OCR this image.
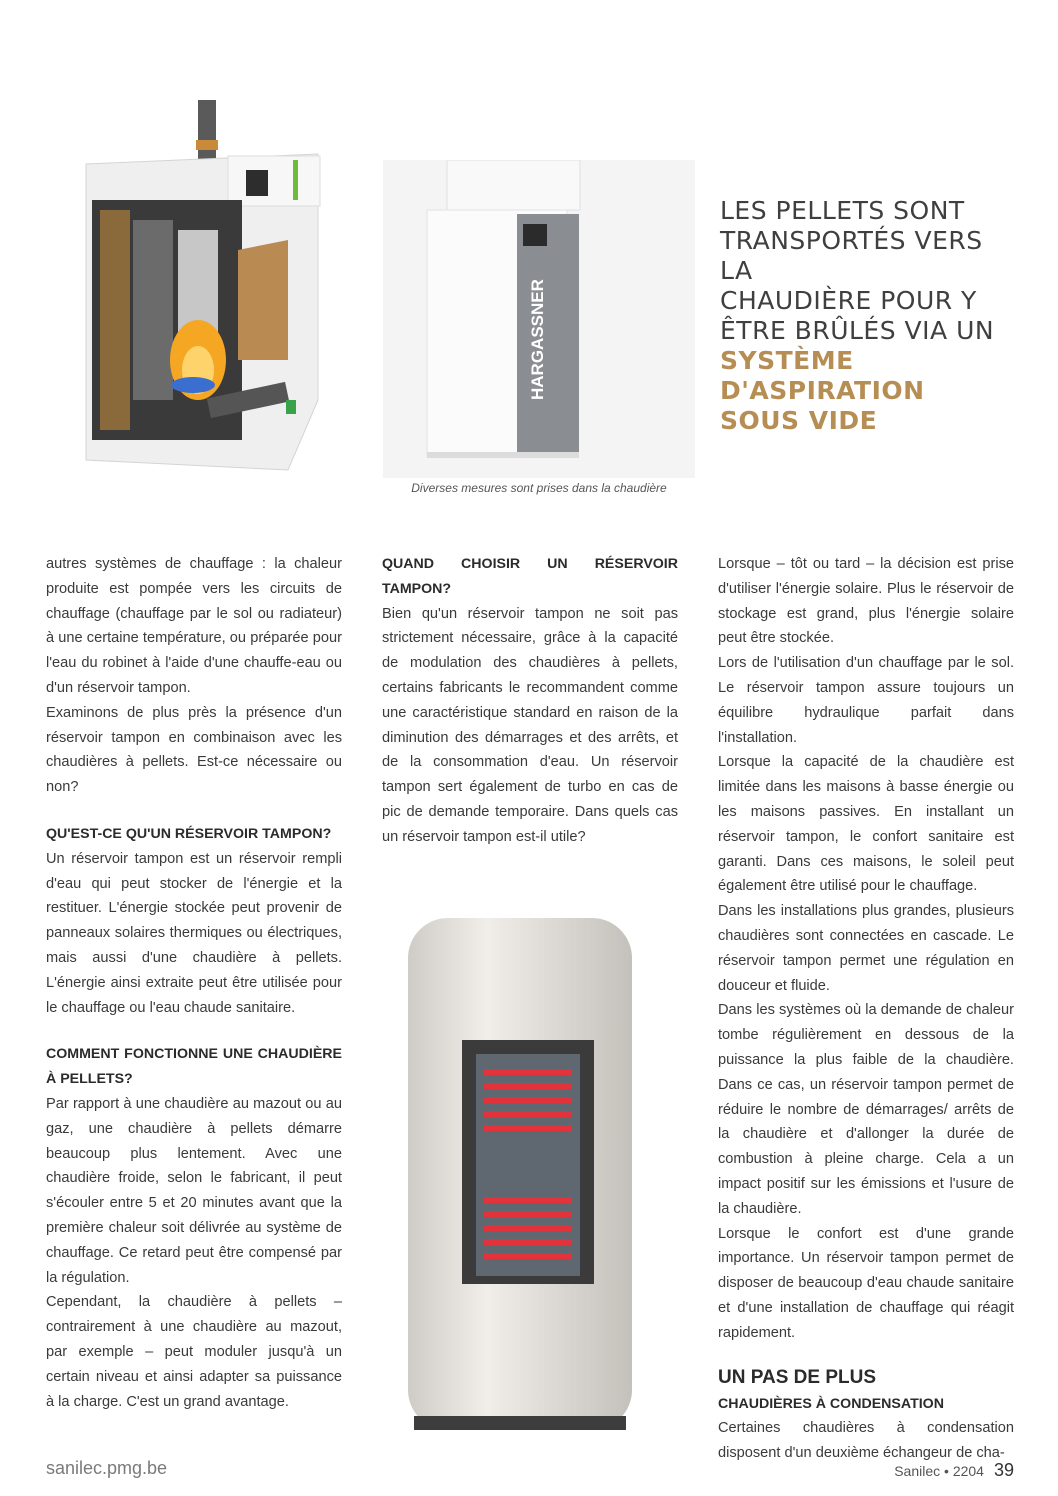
HARGASSNER
Diverses mesures sont prises dans la chaudière
LES PELLETS SONT
TRANSPORTÉS VERS LA
CHAUDIÈRE POUR Y
ÊTRE BRÛLÉS VIA UN
SYSTÈME
D'ASPIRATION
SOUS VIDE

autres systèmes de chauffage : la chaleur produite est pompée vers les circuits de chauffage (chauffage par le sol ou radiateur) à une certaine température, ou préparée pour l'eau du robinet à l'aide d'une chauffe-eau ou d'un réservoir tampon.

Examinons de plus près la présence d'un réservoir tampon en combinaison avec les chaudières à pellets. Est-ce nécessaire ou non?

QU'EST-CE QU'UN RÉSERVOIR TAMPON?

Un réservoir tampon est un réservoir rempli d'eau qui peut stocker de l'énergie et la restituer. L'énergie stockée peut provenir de panneaux solaires thermiques ou électriques, mais aussi d'une chaudière à pellets. L'énergie ainsi extraite peut être utilisée pour le chauffage ou l'eau chaude sanitaire.

COMMENT FONCTIONNE UNE CHAUDIÈRE À PELLETS?

Par rapport à une chaudière au mazout ou au gaz, une chaudière à pellets démarre beaucoup plus lentement. Avec une chaudière froide, selon le fabricant, il peut s'écouler entre 5 et 20 minutes avant que la première chaleur soit délivrée au système de chauffage. Ce retard peut être compensé par la régulation.

Cependant, la chaudière à pellets – contrairement à une chaudière au mazout, par exemple – peut moduler jusqu'à un certain niveau et ainsi adapter sa puissance à la charge. C'est un grand avantage.

QUAND CHOISIR UN RÉSERVOIR TAMPON?

Bien qu'un réservoir tampon ne soit pas strictement nécessaire, grâce à la capacité de modulation des chaudières à pellets, certains fabricants le recommandent comme une caractéristique standard en raison de la diminution des démarrages et des arrêts, et de la consommation d'eau. Un réservoir tampon sert également de turbo en cas de pic de demande temporaire. Dans quels cas un réservoir tampon est-il utile?

Lorsque – tôt ou tard – la décision est prise d'utiliser l'énergie solaire. Plus le réservoir de stockage est grand, plus l'énergie solaire peut être stockée.

Lors de l'utilisation d'un chauffage par le sol. Le réservoir tampon assure toujours un équilibre hydraulique parfait dans l'installation.

Lorsque la capacité de la chaudière est limitée dans les maisons à basse énergie ou les maisons passives. En installant un réservoir tampon, le confort sanitaire est garanti. Dans ces maisons, le soleil peut également être utilisé pour le chauffage.

Dans les installations plus grandes, plusieurs chaudières sont connectées en cascade. Le réservoir tampon permet une régulation en douceur et fluide.

Dans les systèmes où la demande de chaleur tombe régulièrement en dessous de la puissance la plus faible de la chaudière. Dans ce cas, un réservoir tampon permet de réduire le nombre de démarrages/ arrêts de la chaudière et d'allonger la durée de combustion à pleine charge. Cela a un impact positif sur les émissions et l'usure de la chaudière.

Lorsque le confort est d'une grande importance. Un réservoir tampon permet de disposer de beaucoup d'eau chaude sanitaire et d'une installation de chauffage qui réagit rapidement.

UN PAS DE PLUS
CHAUDIÈRES À CONDENSATION

Certaines chaudières à condensation disposent d'un deuxième échangeur de cha-

sanilec.pmg.be	Sanilec • 2204 39
